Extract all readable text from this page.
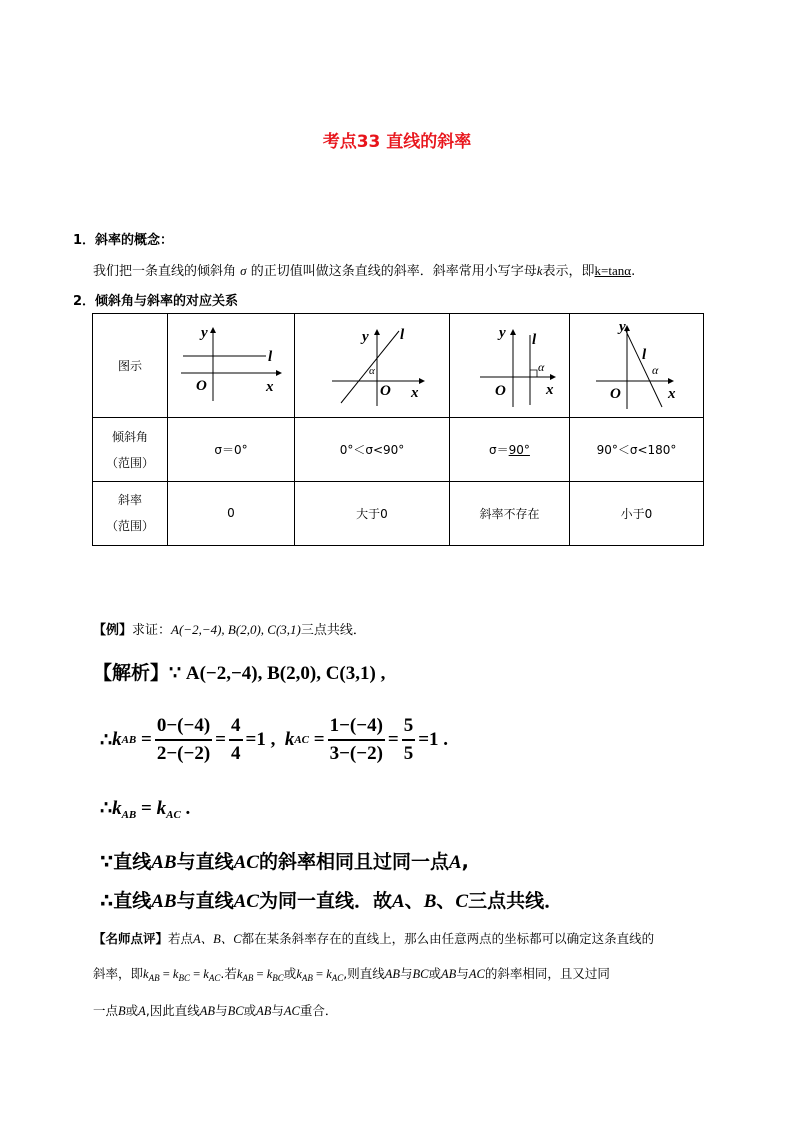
考点33 直线的斜率
1．斜率的概念：
我们把一条直线的倾斜角 σ 的正切值叫做这条直线的斜率．斜率常用小写字母k表示，即k=tanα.
2．倾斜角与斜率的对应关系
图示	y
l
O x	y l
α
O x	y l
α
O x	y
l
α
O x

倾斜角
（范围）	σ＝0°	0°＜σ<90°	σ＝90°	90°＜σ<180°

斜率
（范围）	0	大于0	斜率不存在	小于0
【例】求证：A(−2,−4), B(2,0), C(3,1)三点共线．
【解析】∵ A(−2,−4), B(2,0), C(3,1) ,
∴ k AB = $\frac{0-(-4)}{2-(-2)} = \frac{4}{4} =1$ ,
k AC = $\frac{1-(-4)}{3-(-2)} = \frac{5}{5} =1$ .
$\therefore k_{AB} = k_{AC}$ .
∵直线AB与直线AC的斜率相同且过同一点A,
∴直线AB与直线AC为同一直线．故A、B、C三点共线．
【名师点评】若点A、B、C都在某条斜率存在的直线上，那么由任意两点的坐标都可以确定这条直线的
斜率，即$k_{AB} = k_{BC} = k_{AC}$.若$k_{AB} = k_{BC}$或$k_{AB} = k_{AC}$,则直线AB与BC或AB与AC的斜率相同，且又过同
一点B或A,因此直线AB与BC或AB与AC重合．
